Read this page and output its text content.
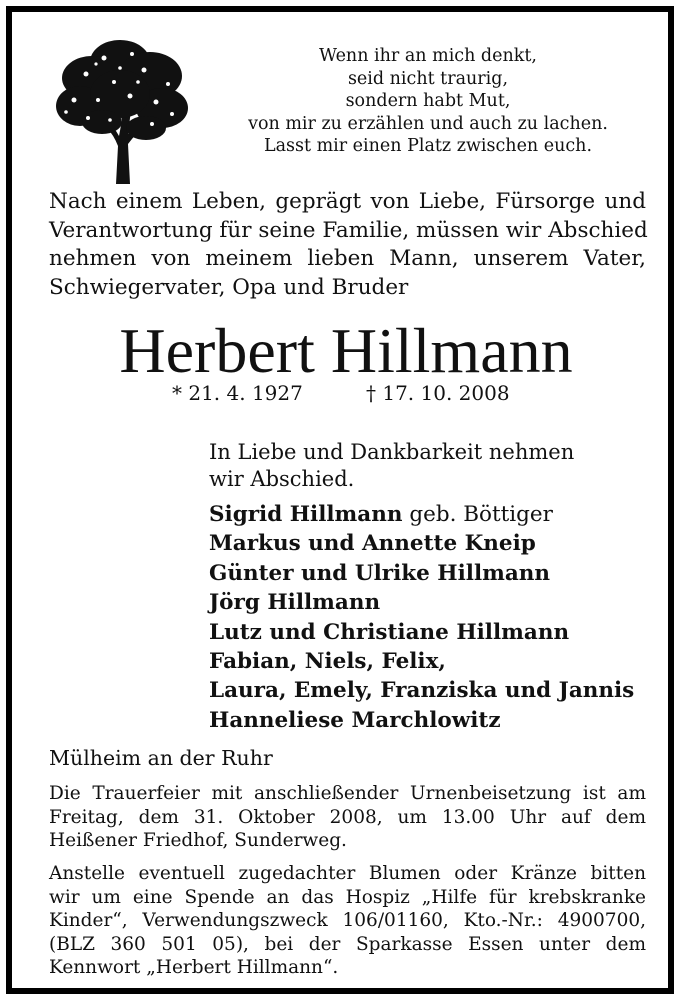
Wenn ihr an mich denkt,
seid nicht traurig,
sondern habt Mut,
von mir zu erzählen und auch zu lachen.
Lasst mir einen Platz zwischen euch.
Nach einem Leben, geprägt von Liebe, Fürsorge und
Verantwortung für seine Familie, müssen wir Abschied
nehmen von meinem lieben Mann, unserem Vater,
Schwiegervater, Opa und Bruder
Herbert Hillmann
* 21. 4. 1927	† 17. 10. 2008
In Liebe und Dankbarkeit nehmen
wir Abschied.
Sigrid Hillmann geb. Böttiger
Markus und Annette Kneip
Günter und Ulrike Hillmann
Jörg Hillmann
Lutz und Christiane Hillmann
Fabian, Niels, Felix,
Laura, Emely, Franziska und Jannis
Hanneliese Marchlowitz
Mülheim an der Ruhr
Die Trauerfeier mit anschließender Urnenbeisetzung ist am
Freitag, dem 31. Oktober 2008, um 13.00 Uhr auf dem
Heißener Friedhof, Sunderweg.
Anstelle eventuell zugedachter Blumen oder Kränze bitten
wir um eine Spende an das Hospiz „Hilfe für krebskranke
Kinder“, Verwendungszweck 106/01160, Kto.-Nr.: 4900700,
(BLZ 360 501 05), bei der Sparkasse Essen unter dem
Kennwort „Herbert Hillmann“.
